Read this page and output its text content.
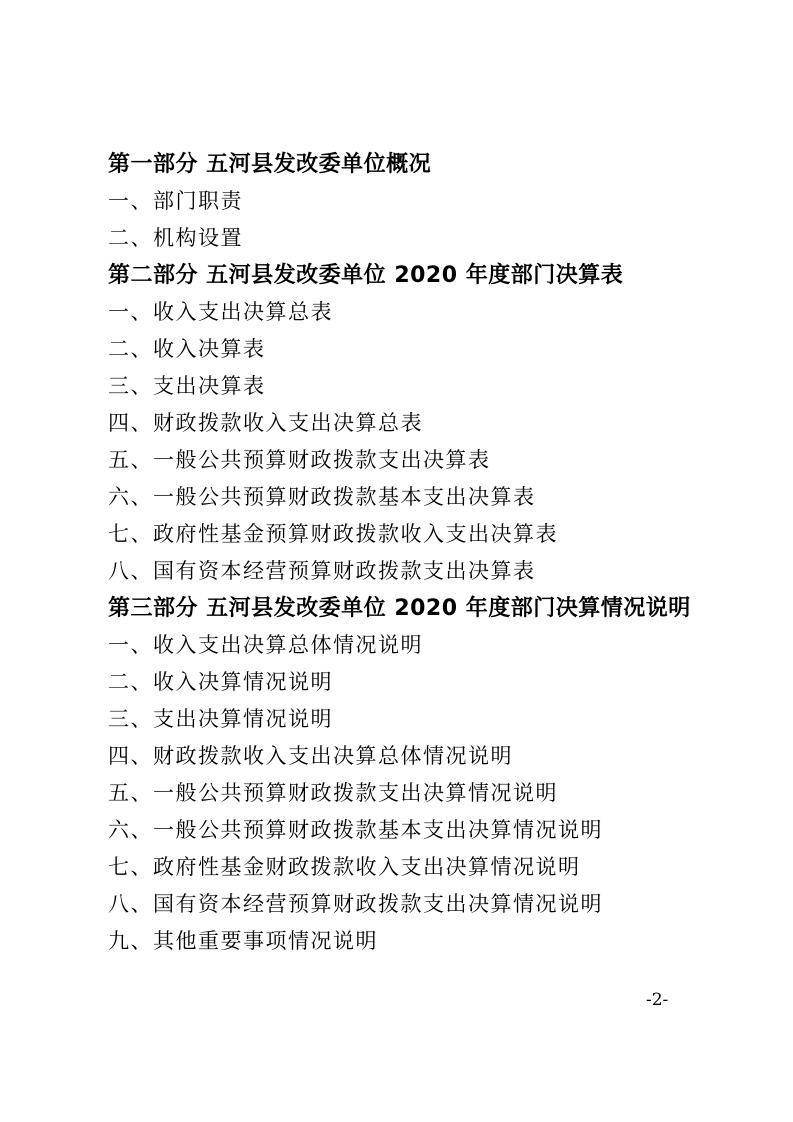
第一部分 五河县发改委单位概况
一、部门职责
二、机构设置
第二部分 五河县发改委单位 2020 年度部门决算表
一、收入支出决算总表
二、收入决算表
三、支出决算表
四、财政拨款收入支出决算总表
五、一般公共预算财政拨款支出决算表
六、一般公共预算财政拨款基本支出决算表
七、政府性基金预算财政拨款收入支出决算表
八、国有资本经营预算财政拨款支出决算表
第三部分 五河县发改委单位 2020 年度部门决算情况说明
一、收入支出决算总体情况说明
二、收入决算情况说明
三、支出决算情况说明
四、财政拨款收入支出决算总体情况说明
五、一般公共预算财政拨款支出决算情况说明
六、一般公共预算财政拨款基本支出决算情况说明
七、政府性基金财政拨款收入支出决算情况说明
八、国有资本经营预算财政拨款支出决算情况说明
九、其他重要事项情况说明
-2-
